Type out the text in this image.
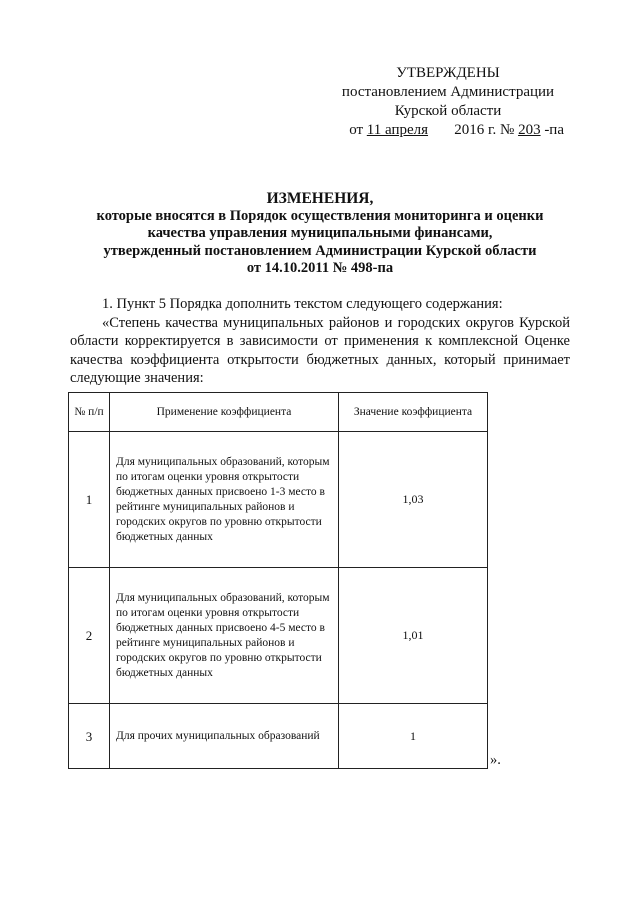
УТВЕРЖДЕНЫ
постановлением Администрации
Курской области
от 11 апреля 2016 г. № 203 -па
ИЗМЕНЕНИЯ,
которые вносятся в Порядок осуществления мониторинга и оценки
качества управления муниципальными финансами,
утвержденный постановлением Администрации Курской области
от 14.10.2011 № 498-па

1. Пункт 5 Порядка дополнить текстом следующего содержания:

«Степень качества муниципальных районов и городских округов Курской области корректируется в зависимости от применения к комплексной Оценке качества коэффициента открытости бюджетных данных, который принимает следующие значения:

№ п/п	Применение коэффициента	Значение коэффициента
1	Для муниципальных образований, которым по итогам оценки уровня открытости бюджетных данных присвоено 1-3 место в рейтинге муниципальных районов и городских округов по уровню открытости бюджетных данных	1,03
2	Для муниципальных образований, которым по итогам оценки уровня открытости бюджетных данных присвоено 4-5 место в рейтинге муниципальных районов и городских округов по уровню открытости бюджетных данных	1,01
3	Для прочих муниципальных образований	1
».
